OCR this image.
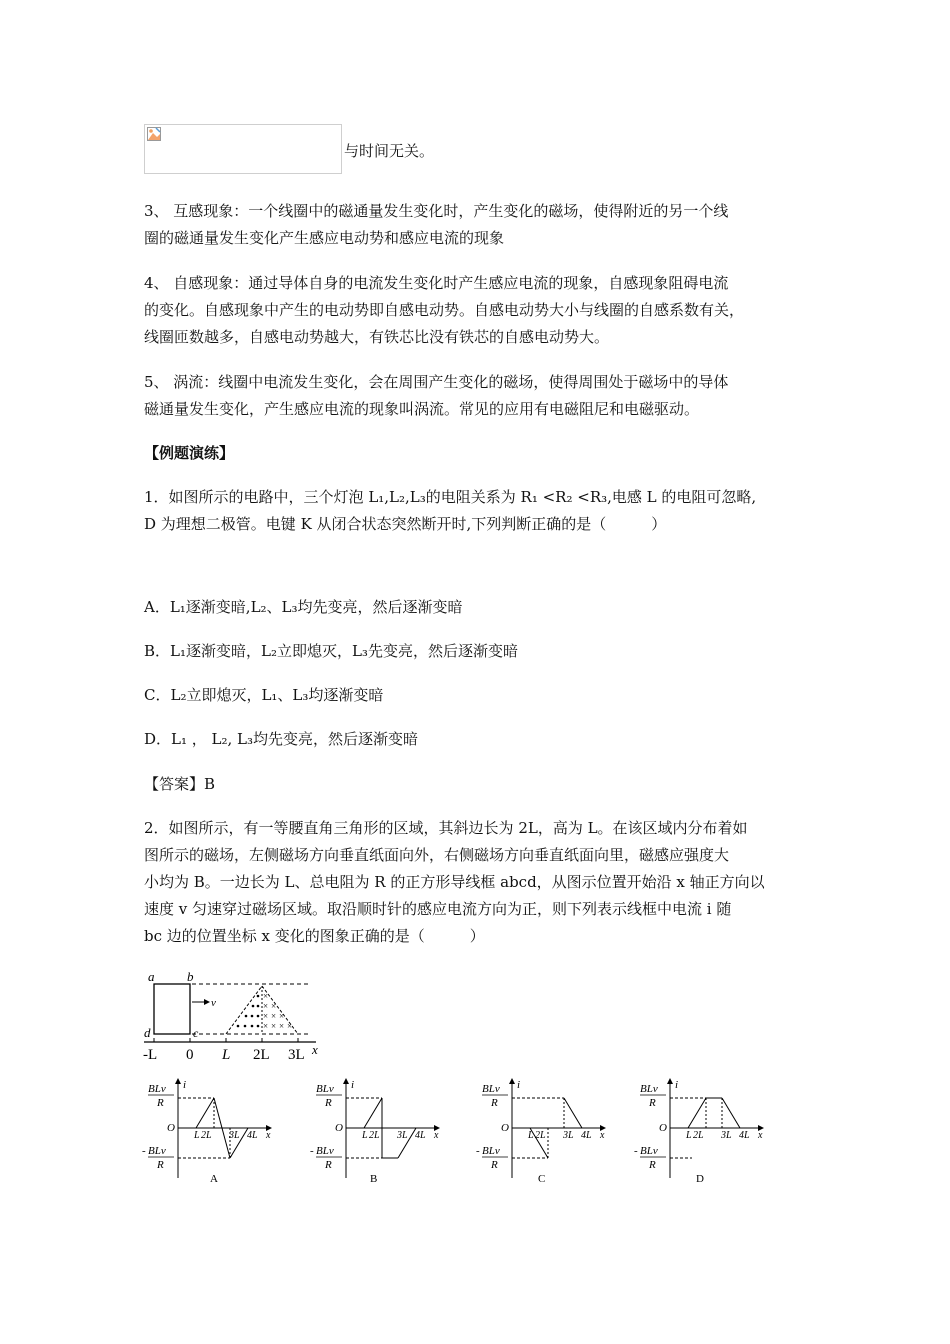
与时间无关。

3、 互感现象：一个线圈中的磁通量发生变化时，产生变化的磁场，使得附近的另一个线

圈的磁通量发生变化产生感应电动势和感应电流的现象

4、 自感现象：通过导体自身的电流发生变化时产生感应电流的现象，自感现象阻碍电流

的变化。自感现象中产生的电动势即自感电动势。自感电动势大小与线圈的自感系数有关，

线圈匝数越多，自感电动势越大，有铁芯比没有铁芯的自感电动势大。

5、 涡流：线圈中电流发生变化，会在周围产生变化的磁场，使得周围处于磁场中的导体

磁通量发生变化，产生感应电流的现象叫涡流。常见的应用有电磁阻尼和电磁驱动。

【例题演练】

1．如图所示的电路中，三个灯泡 L₁,L₂,L₃的电阻关系为 R₁ <R₂ <R₃,电感 L 的电阻可忽略,

D 为理想二极管。电键 K 从闭合状态突然断开时,下列判断正确的是（　　　）

A．L₁逐渐变暗,L₂、L₃均先变亮，然后逐渐变暗

B．L₁逐渐变暗，L₂立即熄灭，L₃先变亮，然后逐渐变暗

C．L₂立即熄灭，L₁、L₃均逐渐变暗

D．L₁ ， L₂, L₃均先变亮，然后逐渐变暗

【答案】B

2．如图所示，有一等腰直角三角形的区域，其斜边长为 2L，高为 L。在该区域内分布着如

图所示的磁场，左侧磁场方向垂直纸面向外，右侧磁场方向垂直纸面向里，磁感应强度大

小均为 B。一边长为 L、总电阻为 R 的正方形导线框 abcd，从图示位置开始沿 x 轴正方向以

速度 v 匀速穿过磁场区域。取沿顺时针的感应电流方向为正，则下列表示线框中电流 i 随

bc 边的位置坐标 x 变化的图象正确的是（　　　）

×
× ×
× × ×
× × × ×
a	b
c
d
v
-L 0 L 2L 3L x
BLv
R
i
O
x
L 2L 3L 4L
- BLv
R
A
BLv
R
i
O
x
L 2L 3L 4L
- BLv
R
B
BLv
R
i
O
x
L 2L 3L 4L
- BLv
R
C
BLv
R
i
O
x
L 2L 3L 4L
- BLv
R
D
